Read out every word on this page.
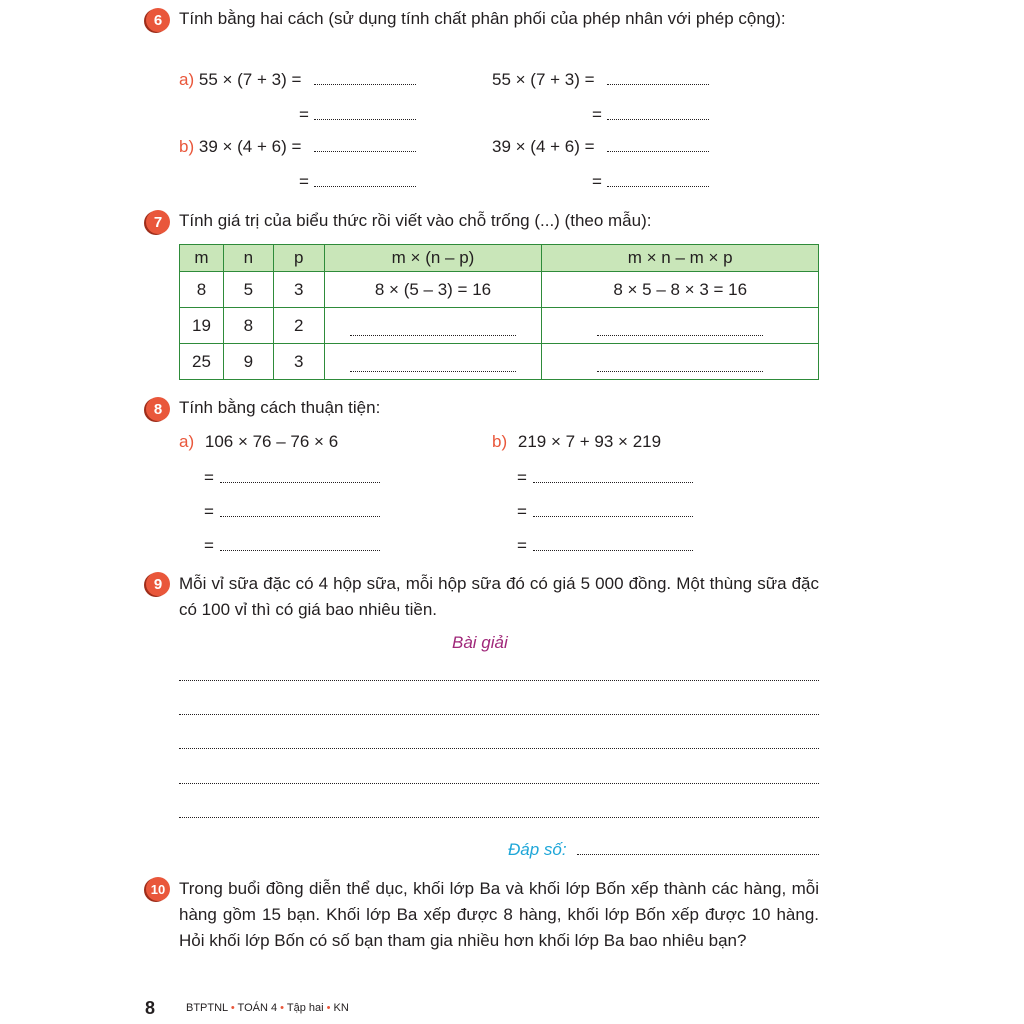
6 Tính bằng hai cách (sử dụng tính chất phân phối của phép nhân với phép cộng):
a) 55 × (7 + 3) =	55 × (7 + 3) =
=	=
b) 39 × (4 + 6) =	39 × (4 + 6) =
=	=
7 Tính giá trị của biểu thức rồi viết vào chỗ trống (...) (theo mẫu):
m	n	p	m × (n – p)	m × n – m × p
8	5	3	8 × (5 – 3) = 16	8 × 5 – 8 × 3 = 16
19	8	2		
25	9	3		
8 Tính bằng cách thuận tiện:
a) 106 × 76 – 76 × 6	b) 219 × 7 + 93 × 219
=	=
=	=
=	=
9 Mỗi vỉ sữa đặc có 4 hộp sữa, mỗi hộp sữa đó có giá 5 000 đồng. Một thùng sữa đặc có 100 vỉ thì có giá bao nhiêu tiền.
Bài giải
Đáp số:
10 Trong buổi đồng diễn thể dục, khối lớp Ba và khối lớp Bốn xếp thành các hàng, mỗi hàng gồm 15 bạn. Khối lớp Ba xếp được 8 hàng, khối lớp Bốn xếp được 10 hàng. Hỏi khối lớp Bốn có số bạn tham gia nhiều hơn khối lớp Ba bao nhiêu bạn?
8	BTPTNL • TOÁN 4 • Tập hai • KN
